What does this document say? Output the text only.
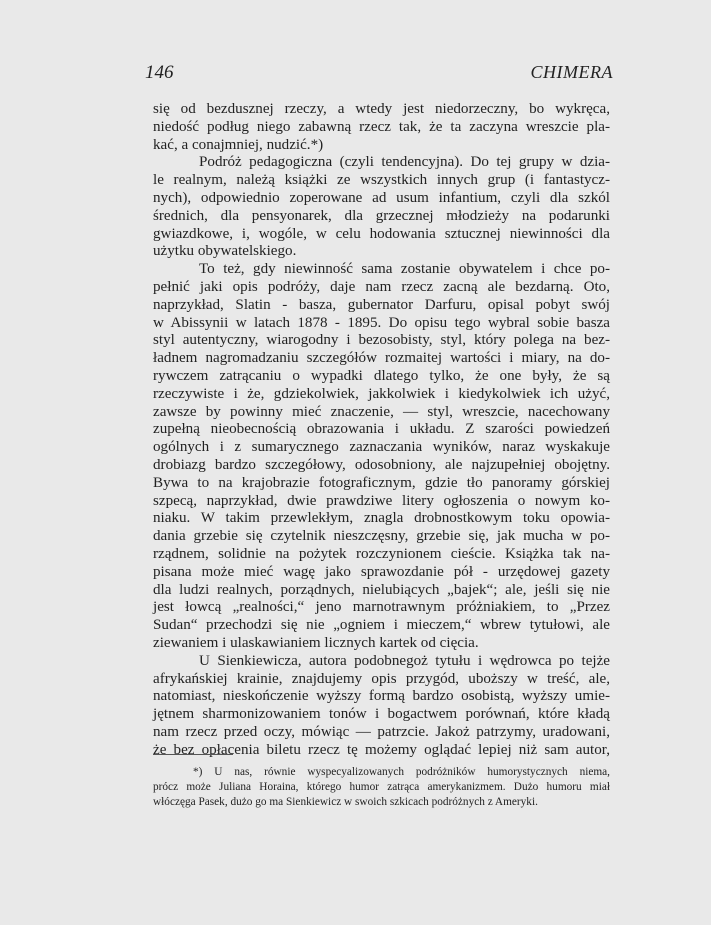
146	CHIMERA
się od bezdusznej rzeczy, a wtedy jest niedorzeczny, bo wykręca,
niedość podług niego zabawną rzecz tak, że ta zaczyna wreszcie pla-
kać, a conajmniej, nudzić.*)
Podróż pedagogiczna (czyli tendencyjna). Do tej grupy w dzia-
le realnym, należą książki ze wszystkich innych grup (i fantastycz-
nych), odpowiednio zoperowane ad usum infantium, czyli dla szkól
średnich, dla pensyonarek, dla grzecznej młodzieży na podarunki
gwiazdkowe, i, wogóle, w celu hodowania sztucznej niewinności dla
użytku obywatelskiego.
To też, gdy niewinność sama zostanie obywatelem i chce po-
pełnić jaki opis podróży, daje nam rzecz zacną ale bezdarną. Oto,
naprzykład, Slatin - basza, gubernator Darfuru, opisal pobyt swój
w Abissynii w latach 1878 - 1895. Do opisu tego wybral sobie basza
styl autentyczny, wiarogodny i bezosobisty, styl, który polega na bez-
ładnem nagromadzaniu szczegółów rozmaitej wartości i miary, na do-
rywczem zatrącaniu o wypadki dlatego tylko, że one były, że są
rzeczywiste i że, gdziekolwiek, jakkolwiek i kiedykolwiek ich użyć,
zawsze by powinny mieć znaczenie, — styl, wreszcie, nacechowany
zupełną nieobecnością obrazowania i układu. Z szarości powiedzeń
ogólnych i z sumarycznego zaznaczania wyników, naraz wyskakuje
drobiazg bardzo szczegółowy, odosobniony, ale najzupełniej obojętny.
Bywa to na krajobrazie fotograficznym, gdzie tło panoramy górskiej
szpecą, naprzykład, dwie prawdziwe litery ogłoszenia o nowym ko-
niaku. W takim przewlekłym, znagla drobnostkowym toku opowia-
dania grzebie się czytelnik nieszczęsny, grzebie się, jak mucha w po-
rządnem, solidnie na pożytek rozczynionem cieście. Książka tak na-
pisana może mieć wagę jako sprawozdanie pół - urzędowej gazety
dla ludzi realnych, porządnych, nielubiących „bajek“; ale, jeśli się nie
jest łowcą „realności,“ jeno marnotrawnym próżniakiem, to „Przez
Sudan“ przechodzi się nie „ogniem i mieczem,“ wbrew tytułowi, ale
ziewaniem i ulaskawianiem licznych kartek od cięcia.
U Sienkiewicza, autora podobnegoż tytułu i wędrowca po tejże
afrykańskiej krainie, znajdujemy opis przygód, uboższy w treść, ale,
natomiast, nieskończenie wyższy formą bardzo osobistą, wyższy umie-
jętnem sharmonizowaniem tonów i bogactwem porównań, które kładą
nam rzecz przed oczy, mówiąc — patrzcie. Jakoż patrzymy, uradowani,
że bez opłacenia biletu rzecz tę możemy oglądać lepiej niż sam autor,
*) U nas, równie wyspecyalizowanych podróżników humorystycznych niema,
prócz może Juliana Horaina, którego humor zatrąca amerykanizmem. Dużo humoru miał
włóczęga Pasek, dużo go ma Sienkiewicz w swoich szkicach podróżnych z Ameryki.
